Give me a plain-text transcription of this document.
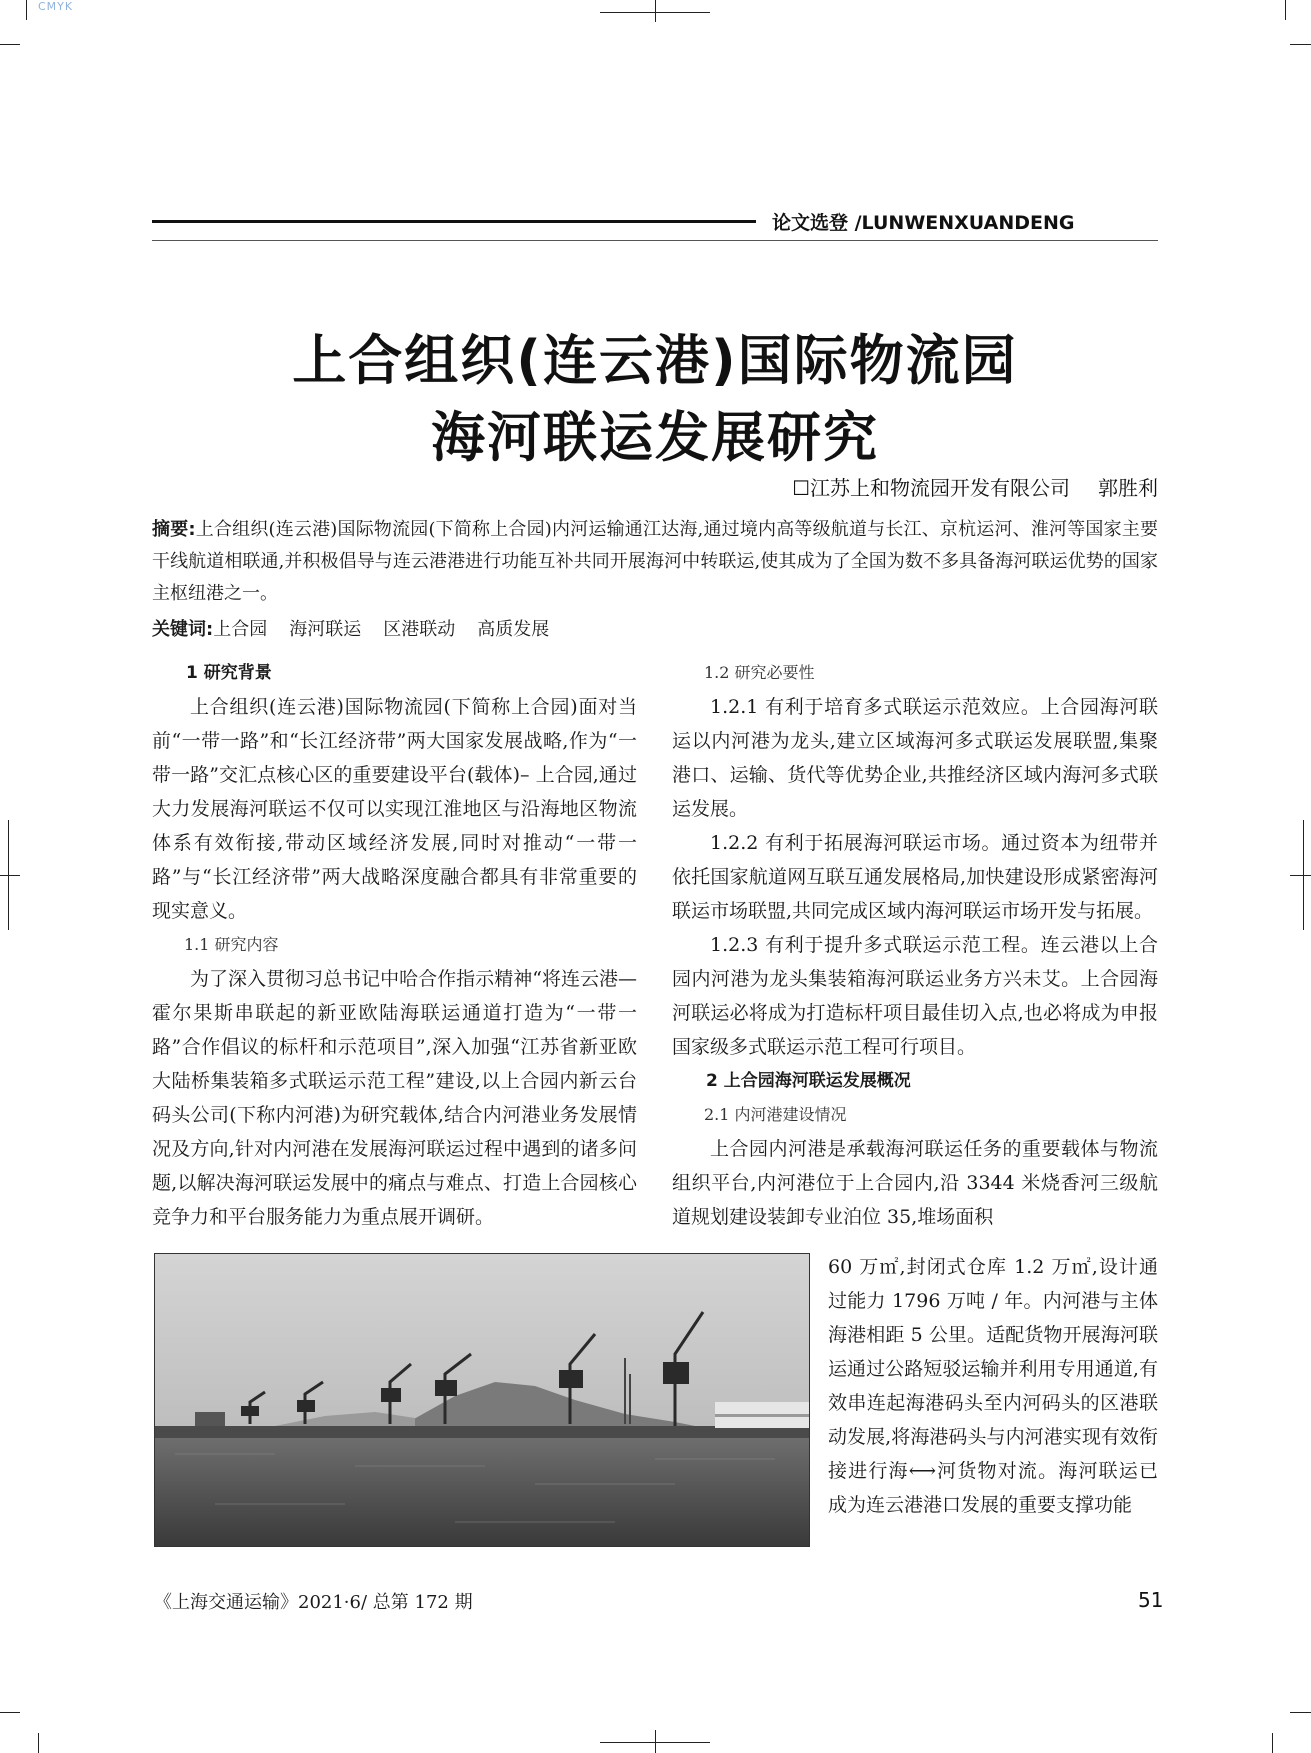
CMYK
论文选登 /LUNWENXUANDENG
上合组织(连云港)国际物流园
海河联运发展研究
☐江苏上和物流园开发有限公司 郭胜利
摘要:上合组织(连云港)国际物流园(下简称上合园)内河运输通江达海,通过境内高等级航道与长江、京杭运河、淮河等国家主要干线航道相联通,并积极倡导与连云港港进行功能互补共同开展海河中转联运,使其成为了全国为数不多具备海河联运优势的国家主枢纽港之一。
关键词:上合园 海河联运 区港联动 高质发展
1 研究背景

上合组织(连云港)国际物流园(下简称上合园)面对当前“一带一路”和“长江经济带”两大国家发展战略,作为“一带一路”交汇点核心区的重要建设平台(载体)– 上合园,通过大力发展海河联运不仅可以实现江淮地区与沿海地区物流体系有效衔接,带动区域经济发展,同时对推动“一带一路”与“长江经济带”两大战略深度融合都具有非常重要的现实意义。

1.1 研究内容

为了深入贯彻习总书记中哈合作指示精神“将连云港—霍尔果斯串联起的新亚欧陆海联运通道打造为“一带一路”合作倡议的标杆和示范项目”,深入加强“江苏省新亚欧大陆桥集装箱多式联运示范工程”建设,以上合园内新云台码头公司(下称内河港)为研究载体,结合内河港业务发展情况及方向,针对内河港在发展海河联运过程中遇到的诸多问题,以解决海河联运发展中的痛点与难点、打造上合园核心竞争力和平台服务能力为重点展开调研。

1.2 研究必要性

1.2.1 有利于培育多式联运示范效应。上合园海河联运以内河港为龙头,建立区域海河多式联运发展联盟,集聚港口、运输、货代等优势企业,共推经济区域内海河多式联运发展。

1.2.2 有利于拓展海河联运市场。通过资本为纽带并依托国家航道网互联互通发展格局,加快建设形成紧密海河联运市场联盟,共同完成区域内海河联运市场开发与拓展。

1.2.3 有利于提升多式联运示范工程。连云港以上合园内河港为龙头集装箱海河联运业务方兴未艾。上合园海河联运必将成为打造标杆项目最佳切入点,也必将成为申报国家级多式联运示范工程可行项目。

2 上合园海河联运发展概况
2.1 内河港建设情况

上合园内河港是承载海河联运任务的重要载体与物流组织平台,内河港位于上合园内,沿 3344 米烧香河三级航道规划建设装卸专业泊位 35,堆场面积

60 万㎡,封闭式仓库 1.2 万㎡,设计通过能力 1796 万吨 / 年。内河港与主体海港相距 5 公里。适配货物开展海河联运通过公路短驳运输并利用专用通道,有效串连起海港码头至内河码头的区港联动发展,将海港码头与内河港实现有效衔接进行海⟷河货物对流。海河联运已成为连云港港口发展的重要支撑功能

《上海交通运输》2021·6/ 总第 172 期	51
